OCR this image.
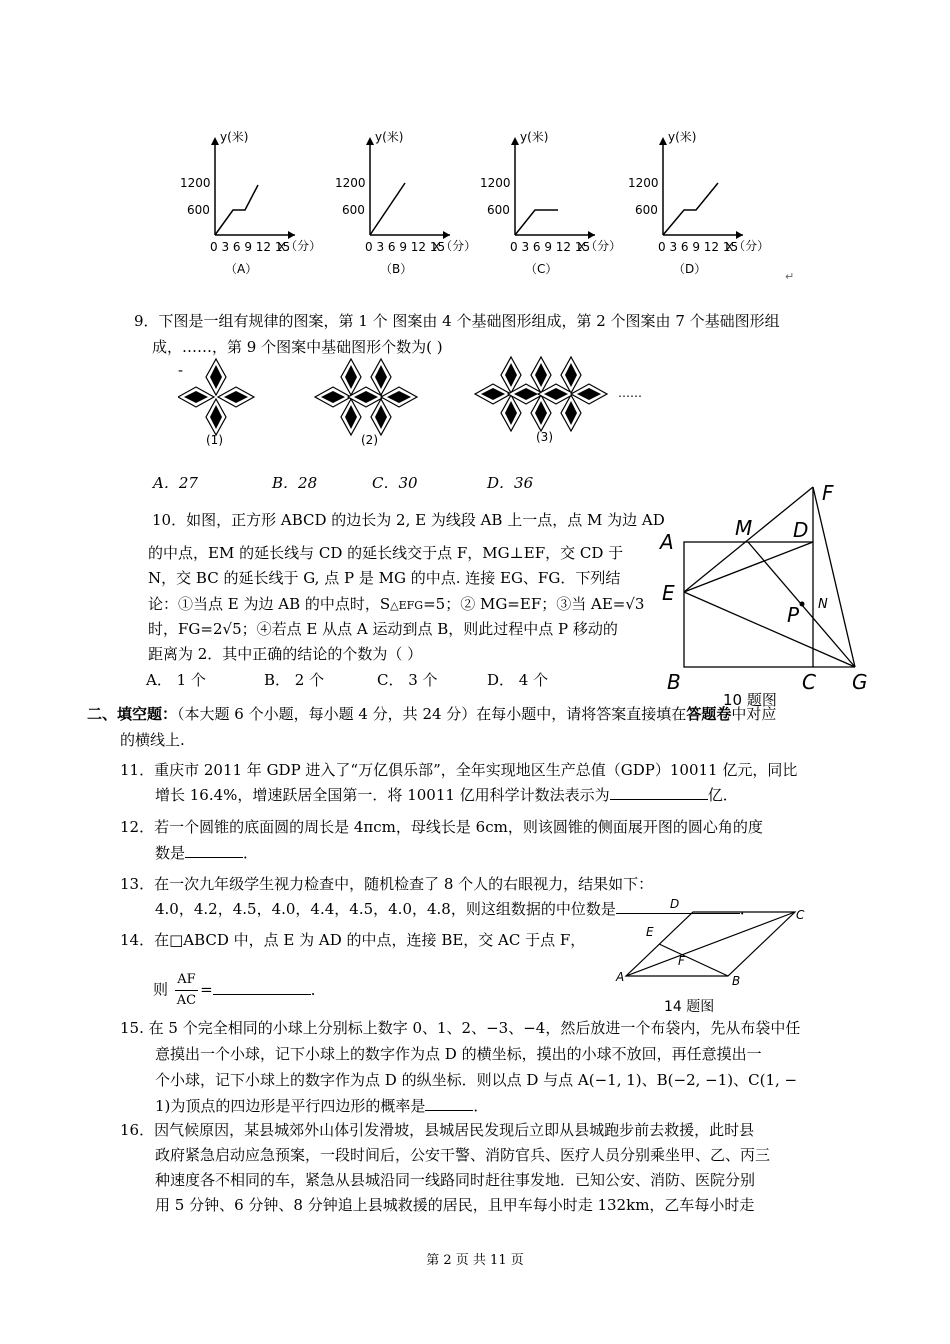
y(米)
1200
600
0 3 6 9 12 15
x（分）
（A）
y(米)
1200
600
0 3 6 9 12 15
x（分）
（B）
y(米)
1200
600
0 3 6 9 12 15
x（分）
（C）
y(米)
1200
600
0 3 6 9 12 15
x（分）
（D）
↵
9．下图是一组有规律的图案，第 1 个 图案由 4 个基础图形组成，第 2 个图案由 7 个基础图形组
成，……，第 9 个图案中基础图形个数为( )
-
(1)	(2)	(3)
……
A．27	B．28	C．30	D．36
10．如图，正方形 ABCD 的边长为 2, E 为线段 AB 上一点，点 M 为边 AD
的中点，EM 的延长线与 CD 的延长线交于点 F，MG⊥EF，交 CD 于
N，交 BC 的延长线于 G, 点 P 是 MG 的中点. 连接 EG、FG．下列结
论：①当点 E 为边 AB 的中点时，S△EFG=5；② MG=EF；③当 AE=√3
时，FG=2√5；④若点 E 从点 A 运动到点 B，则此过程中点 P 移动的
距离为 2．其中正确的结论的个数为（ ）
A． 1 个	B． 2 个	C． 3 个	D． 4 个
A
M D
F
E
P
B	C G
N
10 题图
二、填空题：（本大题 6 个小题，每小题 4 分，共 24 分）在每小题中，请将答案直接填在答题卷中对应
的横线上.
11．重庆市 2011 年 GDP 进入了“万亿俱乐部”，全年实现地区生产总值（GDP）10011 亿元，同比
增长 16.4%，增速跃居全国第一．将 10011 亿用科学计数法表示为	亿．
12．若一个圆锥的底面圆的周长是 4πcm，母线长是 6cm，则该圆锥的侧面展开图的圆心角的度
数是	．
13．在一次九年级学生视力检查中，随机检查了 8 个人的右眼视力，结果如下：
4.0，4.2，4.5，4.0，4.4，4.5，4.0，4.8，则这组数据的中位数是	．
14．在□ABCD 中，点 E 为 AD 的中点，连接 BE，交 AC 于点 F，
则 $\frac{AF}{AC}$ =	．
D
C
E
F
A	B
14 题图
15. 在 5 个完全相同的小球上分别标上数字 0、1、2、−3、−4，然后放进一个布袋内，先从布袋中任
意摸出一个小球，记下小球上的数字作为点 D 的横坐标，摸出的小球不放回，再任意摸出一
个小球，记下小球上的数字作为点 D 的纵坐标．则以点 D 与点 A(−1, 1)、B(−2, −1)、C(1, −
1)为顶点的四边形是平行四边形的概率是	．
16．因气候原因，某县城郊外山体引发滑坡，县城居民发现后立即从县城跑步前去救援，此时县
政府紧急启动应急预案，一段时间后，公安干警、消防官兵、医疗人员分别乘坐甲、乙、丙三
种速度各不相同的车，紧急从县城沿同一线路同时赶往事发地．已知公安、消防、医院分别
用 5 分钟、6 分钟、8 分钟追上县城救援的居民，且甲车每小时走 132km，乙车每小时走
第 2 页 共 11 页
